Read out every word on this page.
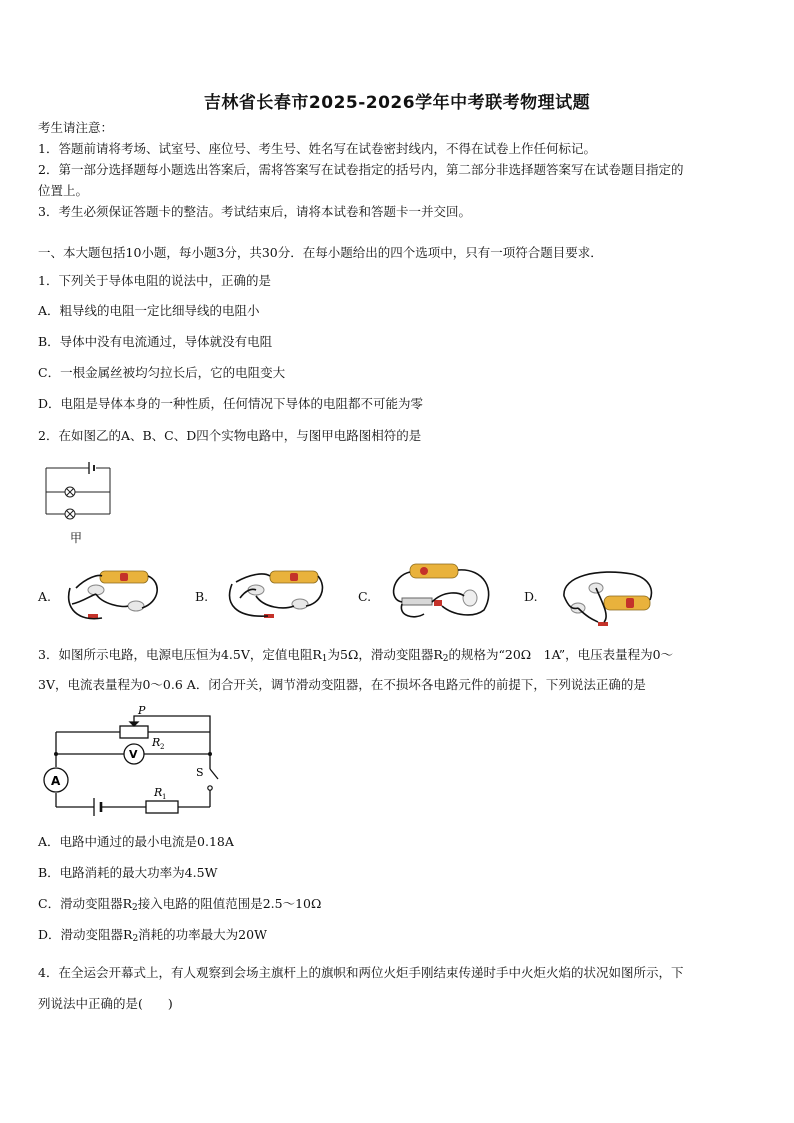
吉林省长春市2025-2026学年中考联考物理试题
考生请注意：
1．答题前请将考场、试室号、座位号、考生号、姓名写在试卷密封线内，不得在试卷上作任何标记。
2．第一部分选择题每小题选出答案后，需将答案写在试卷指定的括号内，第二部分非选择题答案写在试卷题目指定的
位置上。
3．考生必须保证答题卡的整洁。考试结束后，请将本试卷和答题卡一并交回。
一、本大题包括10小题，每小题3分，共30分．在每小题给出的四个选项中，只有一项符合题目要求．
1．下列关于导体电阻的说法中，正确的是
A．粗导线的电阻一定比细导线的电阻小
B．导体中没有电流通过，导体就没有电阻
C．一根金属丝被均匀拉长后，它的电阻变大
D．电阻是导体本身的一种性质，任何情况下导体的电阻都不可能为零
2．在如图乙的A、B、C、D四个实物电路中，与图甲电路图相符的是
甲
A.	B.	C.	D.
3．如图所示电路，电源电压恒为4.5V，定值电阻$R_1$为5Ω，滑动变阻器$R_2$的规格为“20Ω　1A”，电压表量程为0～
3V，电流表量程为0～0.6 A．闭合开关，调节滑动变阻器，在不损坏各电路元件的前提下，下列说法正确的是
P
R 2
V
A
S
R 1
A．电路中通过的最小电流是0.18A
B．电路消耗的最大功率为4.5W
C．滑动变阻器$R_2$接入电路的阻值范围是2.5～10Ω
D．滑动变阻器$R_2$消耗的功率最大为20W
4．在全运会开幕式上，有人观察到会场主旗杆上的旗帜和两位火炬手刚结束传递时手中火炬火焰的状况如图所示，下
列说法中正确的是(　　)
